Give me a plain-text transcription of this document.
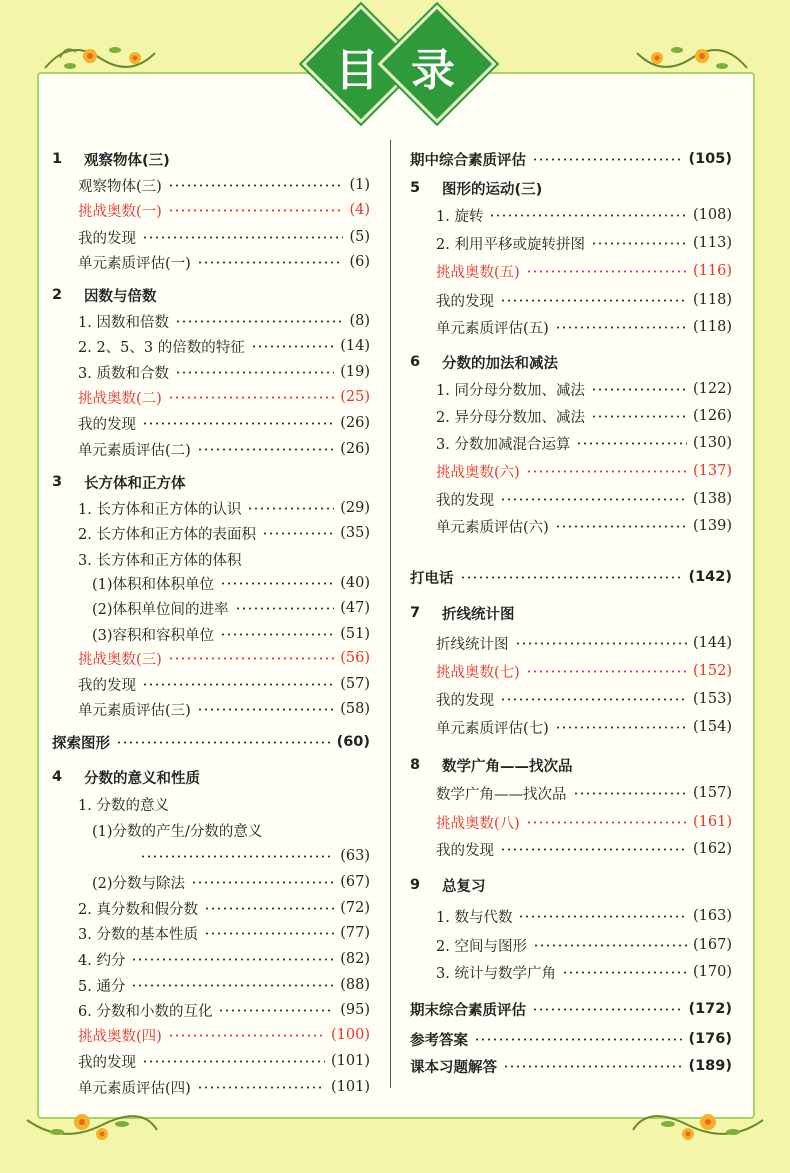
目 录
1	观察物体(三)
观察物体(三)	(1)
挑战奥数(一)	(4)
我的发现	(5)
单元素质评估(一)	(6)
2	因数与倍数
1. 因数和倍数	(8)
2. 2、5、3 的倍数的特征	(14)
3. 质数和合数	(19)
挑战奥数(二)	(25)
我的发现	(26)
单元素质评估(二)	(26)
3	长方体和正方体
1. 长方体和正方体的认识	(29)
2. 长方体和正方体的表面积	(35)
3. 长方体和正方体的体积
(1)体积和体积单位	(40)
(2)体积单位间的进率	(47)
(3)容积和容积单位	(51)
挑战奥数(三)	(56)
我的发现	(57)
单元素质评估(三)	(58)
探索图形	(60)
4	分数的意义和性质
1. 分数的意义
(1)分数的产生/分数的意义
(63)
(2)分数与除法	(67)
2. 真分数和假分数	(72)
3. 分数的基本性质	(77)
4. 约分	(82)
5. 通分	(88)
6. 分数和小数的互化	(95)
挑战奥数(四)	(100)
我的发现	(101)
单元素质评估(四)	(101)
期中综合素质评估	(105)
5	图形的运动(三)
1. 旋转	(108)
2. 利用平移或旋转拼图	(113)
挑战奥数(五)	(116)
我的发现	(118)
单元素质评估(五)	(118)
6	分数的加法和减法
1. 同分母分数加、减法	(122)
2. 异分母分数加、减法	(126)
3. 分数加减混合运算	(130)
挑战奥数(六)	(137)
我的发现	(138)
单元素质评估(六)	(139)
打电话	(142)
7	折线统计图
折线统计图	(144)
挑战奥数(七)	(152)
我的发现	(153)
单元素质评估(七)	(154)
8	数学广角——找次品
数学广角——找次品	(157)
挑战奥数(八)	(161)
我的发现	(162)
9	总复习
1. 数与代数	(163)
2. 空间与图形	(167)
3. 统计与数学广角	(170)
期末综合素质评估	(172)
参考答案	(176)
课本习题解答	(189)
